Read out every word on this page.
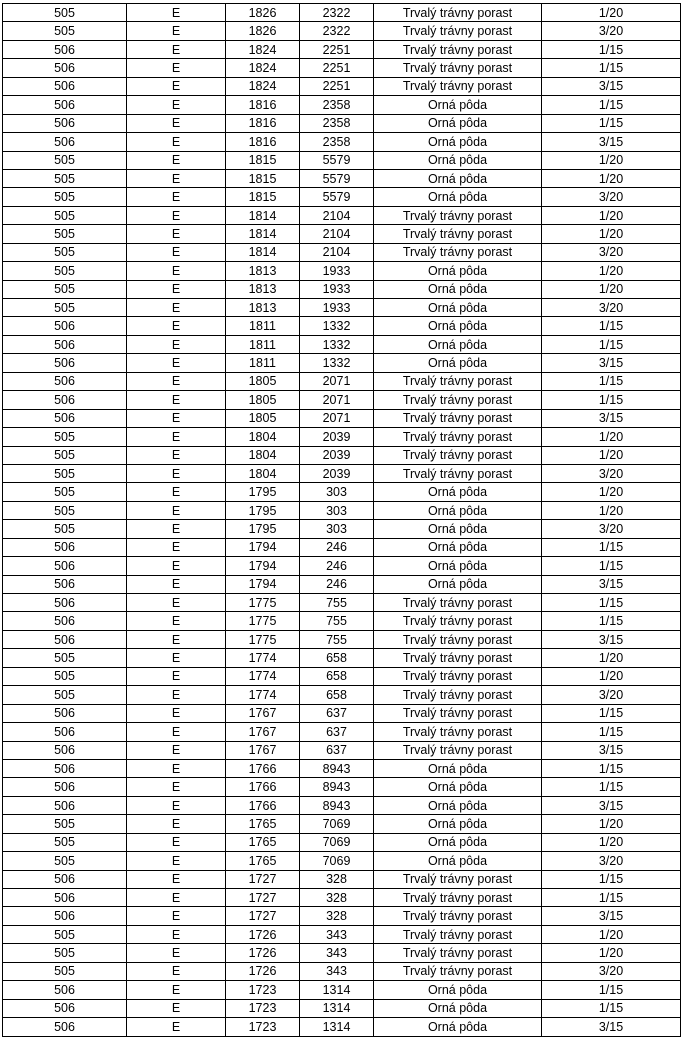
505	E	1826	2322	Trvalý trávny porast	1/20
505	E	1826	2322	Trvalý trávny porast	3/20
506	E	1824	2251	Trvalý trávny porast	1/15
506	E	1824	2251	Trvalý trávny porast	1/15
506	E	1824	2251	Trvalý trávny porast	3/15
506	E	1816	2358	Orná pôda	1/15
506	E	1816	2358	Orná pôda	1/15
506	E	1816	2358	Orná pôda	3/15
505	E	1815	5579	Orná pôda	1/20
505	E	1815	5579	Orná pôda	1/20
505	E	1815	5579	Orná pôda	3/20
505	E	1814	2104	Trvalý trávny porast	1/20
505	E	1814	2104	Trvalý trávny porast	1/20
505	E	1814	2104	Trvalý trávny porast	3/20
505	E	1813	1933	Orná pôda	1/20
505	E	1813	1933	Orná pôda	1/20
505	E	1813	1933	Orná pôda	3/20
506	E	1811	1332	Orná pôda	1/15
506	E	1811	1332	Orná pôda	1/15
506	E	1811	1332	Orná pôda	3/15
506	E	1805	2071	Trvalý trávny porast	1/15
506	E	1805	2071	Trvalý trávny porast	1/15
506	E	1805	2071	Trvalý trávny porast	3/15
505	E	1804	2039	Trvalý trávny porast	1/20
505	E	1804	2039	Trvalý trávny porast	1/20
505	E	1804	2039	Trvalý trávny porast	3/20
505	E	1795	303	Orná pôda	1/20
505	E	1795	303	Orná pôda	1/20
505	E	1795	303	Orná pôda	3/20
506	E	1794	246	Orná pôda	1/15
506	E	1794	246	Orná pôda	1/15
506	E	1794	246	Orná pôda	3/15
506	E	1775	755	Trvalý trávny porast	1/15
506	E	1775	755	Trvalý trávny porast	1/15
506	E	1775	755	Trvalý trávny porast	3/15
505	E	1774	658	Trvalý trávny porast	1/20
505	E	1774	658	Trvalý trávny porast	1/20
505	E	1774	658	Trvalý trávny porast	3/20
506	E	1767	637	Trvalý trávny porast	1/15
506	E	1767	637	Trvalý trávny porast	1/15
506	E	1767	637	Trvalý trávny porast	3/15
506	E	1766	8943	Orná pôda	1/15
506	E	1766	8943	Orná pôda	1/15
506	E	1766	8943	Orná pôda	3/15
505	E	1765	7069	Orná pôda	1/20
505	E	1765	7069	Orná pôda	1/20
505	E	1765	7069	Orná pôda	3/20
506	E	1727	328	Trvalý trávny porast	1/15
506	E	1727	328	Trvalý trávny porast	1/15
506	E	1727	328	Trvalý trávny porast	3/15
505	E	1726	343	Trvalý trávny porast	1/20
505	E	1726	343	Trvalý trávny porast	1/20
505	E	1726	343	Trvalý trávny porast	3/20
506	E	1723	1314	Orná pôda	1/15
506	E	1723	1314	Orná pôda	1/15
506	E	1723	1314	Orná pôda	3/15
